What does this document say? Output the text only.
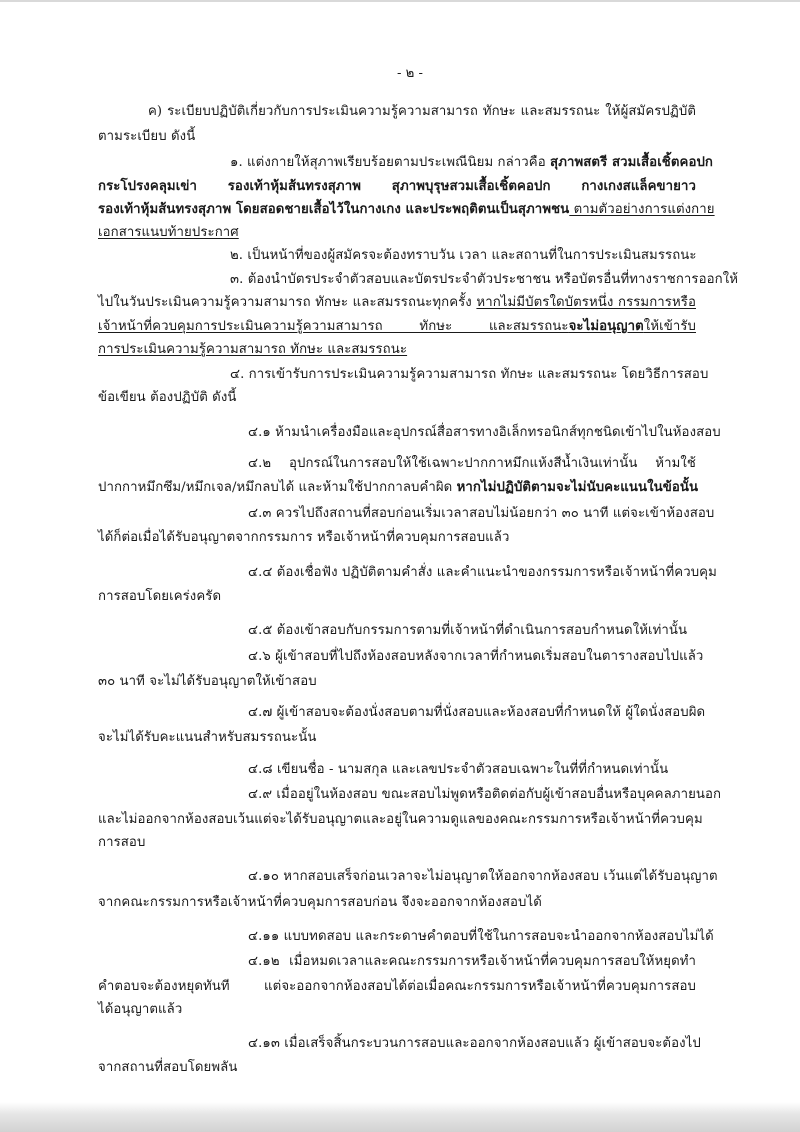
- ๒ -
ค) ระเบียบปฏิบัติเกี่ยวกับการประเมินความรู้ความสามารถ ทักษะ และสมรรถนะ ให้ผู้สมัครปฏิบัติ
ตามระเบียบ ดังนี้
๑. แต่งกายให้สุภาพเรียบร้อยตามประเพณีนิยม กล่าวคือ สุภาพสตรี สวมเสื้อเชิ้ตคอปก
กระโปรงคลุมเข่า รองเท้าหุ้มส้นทรงสุภาพ สุภาพบุรุษสวมเสื้อเชิ้ตคอปก กางเกงสแล็คขายาว
รองเท้าหุ้มส้นทรงสุภาพ โดยสอดชายเสื้อไว้ในกางเกง และประพฤติตนเป็นสุภาพชน ตามตัวอย่างการแต่งกาย
เอกสารแนบท้ายประกาศ
๒. เป็นหน้าที่ของผู้สมัครจะต้องทราบวัน เวลา และสถานที่ในการประเมินสมรรถนะ
๓. ต้องนำบัตรประจำตัวสอบและบัตรประจำตัวประชาชน หรือบัตรอื่นที่ทางราชการออกให้
ไปในวันประเมินความรู้ความสามารถ ทักษะ และสมรรถนะทุกครั้ง หากไม่มีบัตรใดบัตรหนึ่ง กรรมการหรือ
เจ้าหน้าที่ควบคุมการประเมินความรู้ความสามารถ ทักษะ และสมรรถนะจะไม่อนุญาตให้เข้ารับ
การประเมินความรู้ความสามารถ ทักษะ และสมรรถนะ
๔. การเข้ารับการประเมินความรู้ความสามารถ ทักษะ และสมรรถนะ โดยวิธีการสอบ
ข้อเขียน ต้องปฏิบัติ ดังนี้
๔.๑ ห้ามนำเครื่องมือและอุปกรณ์สื่อสารทางอิเล็กทรอนิกส์ทุกชนิดเข้าไปในห้องสอบ
๔.๒ อุปกรณ์ในการสอบให้ใช้เฉพาะปากกาหมึกแห้งสีน้ำเงินเท่านั้น ห้ามใช้
ปากกาหมึกซึม/หมึกเจล/หมึกลบได้ และห้ามใช้ปากกาลบคำผิด หากไม่ปฏิบัติตามจะไม่นับคะแนนในข้อนั้น
๔.๓ ควรไปถึงสถานที่สอบก่อนเริ่มเวลาสอบไม่น้อยกว่า ๓๐ นาที แต่จะเข้าห้องสอบ
ได้ก็ต่อเมื่อได้รับอนุญาตจากกรรมการ หรือเจ้าหน้าที่ควบคุมการสอบแล้ว
๔.๔ ต้องเชื่อฟัง ปฏิบัติตามคำสั่ง และคำแนะนำของกรรมการหรือเจ้าหน้าที่ควบคุม
การสอบโดยเคร่งครัด
๔.๕ ต้องเข้าสอบกับกรรมการตามที่เจ้าหน้าที่ดำเนินการสอบกำหนดให้เท่านั้น
๔.๖ ผู้เข้าสอบที่ไปถึงห้องสอบหลังจากเวลาที่กำหนดเริ่มสอบในตารางสอบไปแล้ว
๓๐ นาที จะไม่ได้รับอนุญาตให้เข้าสอบ
๔.๗ ผู้เข้าสอบจะต้องนั่งสอบตามที่นั่งสอบและห้องสอบที่กำหนดให้ ผู้ใดนั่งสอบผิด
จะไม่ได้รับคะแนนสำหรับสมรรถนะนั้น
๔.๘ เขียนชื่อ - นามสกุล และเลขประจำตัวสอบเฉพาะในที่ที่กำหนดเท่านั้น
๔.๙ เมื่ออยู่ในห้องสอบ ขณะสอบไม่พูดหรือติดต่อกับผู้เข้าสอบอื่นหรือบุคคลภายนอก
และไม่ออกจากห้องสอบเว้นแต่จะได้รับอนุญาตและอยู่ในความดูแลของคณะกรรมการหรือเจ้าหน้าที่ควบคุม
การสอบ
๔.๑๐ หากสอบเสร็จก่อนเวลาจะไม่อนุญาตให้ออกจากห้องสอบ เว้นแต่ได้รับอนุญาต
จากคณะกรรมการหรือเจ้าหน้าที่ควบคุมการสอบก่อน จึงจะออกจากห้องสอบได้
๔.๑๑ แบบทดสอบ และกระดาษคำตอบที่ใช้ในการสอบจะนำออกจากห้องสอบไม่ได้
๔.๑๒ เมื่อหมดเวลาและคณะกรรมการหรือเจ้าหน้าที่ควบคุมการสอบให้หยุดทำ
คำตอบจะต้องหยุดทันที แต่จะออกจากห้องสอบได้ต่อเมื่อคณะกรรมการหรือเจ้าหน้าที่ควบคุมการสอบ
ได้อนุญาตแล้ว
๔.๑๓ เมื่อเสร็จสิ้นกระบวนการสอบและออกจากห้องสอบแล้ว ผู้เข้าสอบจะต้องไป
จากสถานที่สอบโดยพลัน
